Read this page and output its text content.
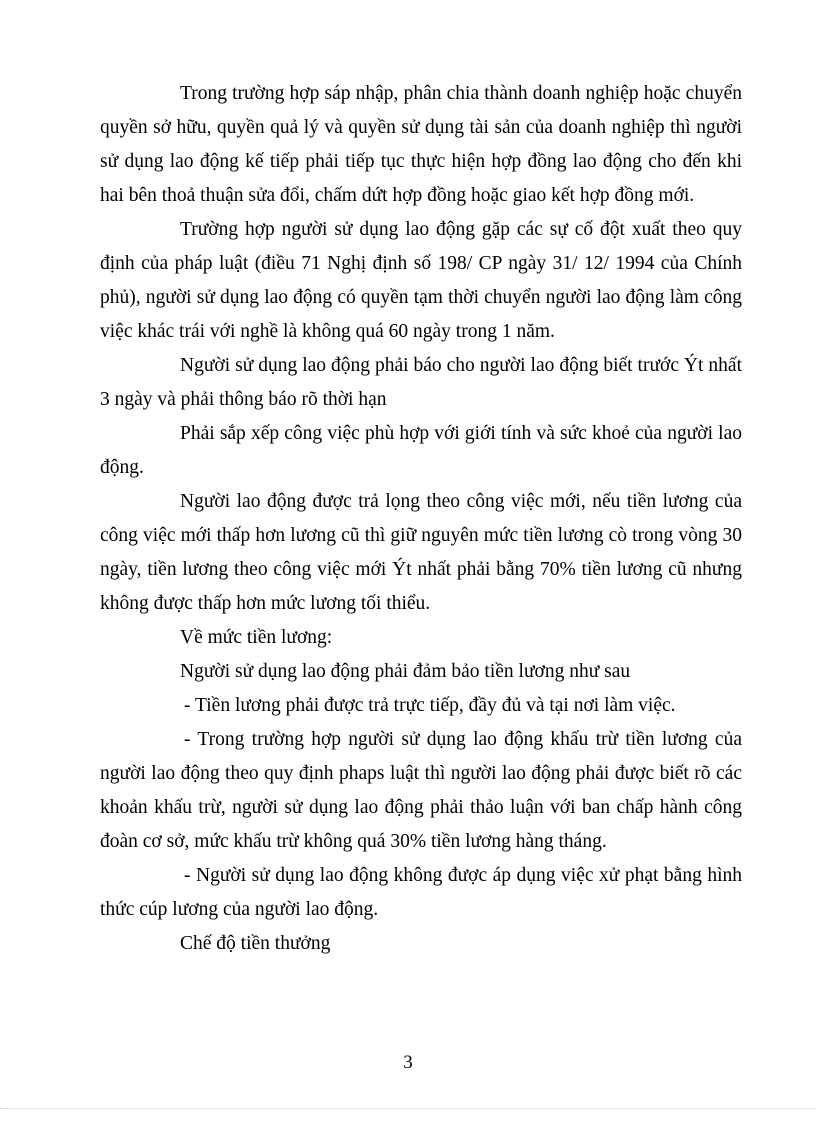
Trong trường hợp sáp nhập, phân chia thành doanh nghiệp hoặc chuyển quyền sở hữu, quyền quả lý và quyền sử dụng tài sản của doanh nghiệp thì người sử dụng lao động kế tiếp phải tiếp tục thực hiện hợp đồng lao động cho đến khi hai bên thoả thuận sửa đổi, chấm dứt hợp đồng hoặc giao kết hợp đồng mới.

Trường hợp người sử dụng lao động gặp các sự cố đột xuất theo quy định của pháp luật (điều 71 Nghị định số 198/ CP ngày 31/ 12/ 1994 của Chính phủ), người sử dụng lao động có quyền tạm thời chuyển người lao động làm công việc khác trái với nghề là không quá 60 ngày trong 1 năm.

Người sử dụng lao động phải báo cho người lao động biết trước Ýt nhất 3 ngày và phải thông báo rõ thời hạn

Phải sắp xếp công việc phù hợp với giới tính và sức khoẻ của người lao động.

Người lao động được trả lọng theo công việc mới, nếu tiền lương của công việc mới thấp hơn lương cũ thì giữ nguyên mức tiền lương cò trong vòng 30 ngày, tiền lương theo công việc mới Ýt nhất phải bằng 70% tiền lương cũ nhưng không được thấp hơn mức lương tối thiểu.

Về mức tiền lương:

Người sử dụng lao động phải đảm bảo tiền lương như sau

- Tiền lương phải được trả trực tiếp, đầy đủ và tại nơi làm việc.

- Trong trường hợp người sử dụng lao động khấu trừ tiền lương của người lao động theo quy định phaps luật thì người lao động phải được biết rõ các khoản khấu trừ, người sử dụng lao động phải thảo luận với ban chấp hành công đoàn cơ sở, mức khấu trừ không quá 30% tiền lương hàng tháng.

- Người sử dụng lao động không được áp dụng việc xử phạt bằng hình thức cúp lương của người lao động.

Chế độ tiền thưởng

3
